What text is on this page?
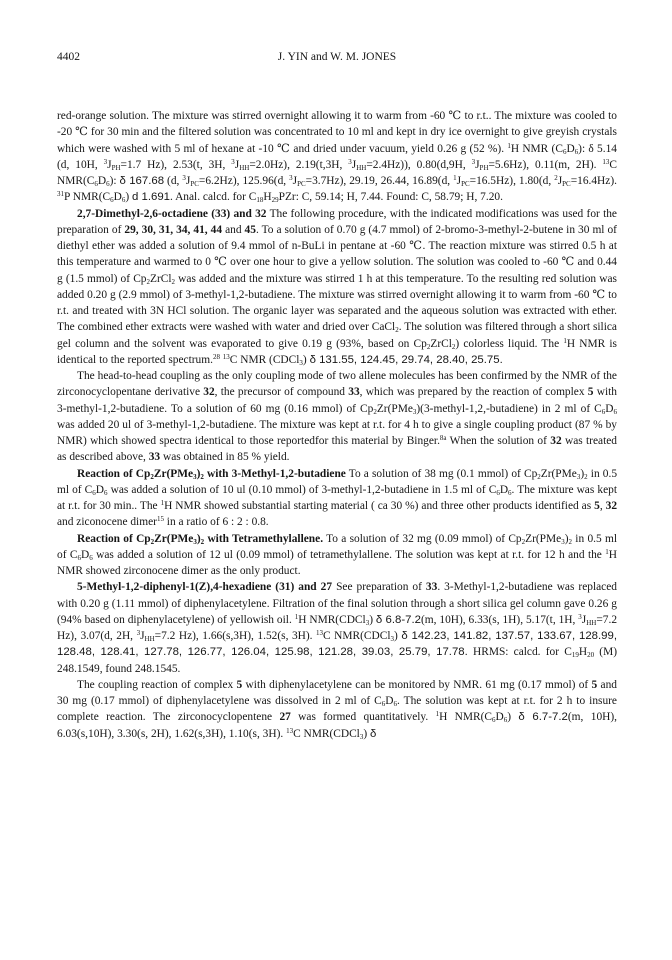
4402	J. YIN and W. M. JONES

red-orange solution. The mixture was stirred overnight allowing it to warm from -60 ℃ to r.t.. The mixture was cooled to -20 ℃ for 30 min and the filtered solution was concentrated to 10 ml and kept in dry ice overnight to give greyish crystals which were washed with 5 ml of hexane at -10 ℃ and dried under vacuum, yield 0.26 g (52 %). $^1$H NMR $(C_6D_6)$: δ 5.14 (d, 10H, $^3J_{PH}=1.7$ Hz), 2.53(t, 3H, $^3J_{HH}=2.0Hz$), 2.19(t,3H, $^3J_{HH}=2.4Hz$)), 0.80(d,9H, $^3J_{PH}=5.6Hz$), 0.11(m, 2H). $^{13}$C $NMR(C_6D_6)$: δ 167.68 (d, $^3J_{PC}=6.2Hz$), 125.96(d, $^3J_{PC}=3.7Hz$), 29.19, 26.44, 16.89(d, $^1J_{PC}=16.5Hz$), 1.80(d, $^2J_{PC}=16.4Hz$). $^{31}$P $NMR(C_6D_6)$ d 1.691. Anal. calcd. for $C_{18}H_{29}PZr$: C, 59.14; H, 7.44. Found: C, 58.79; H, 7.20.

2,7-Dimethyl-2,6-octadiene (33) and 32 The following procedure, with the indicated modifications was used for the preparation of 29, 30, 31, 34, 41, 44 and 45. To a solution of 0.70 g (4.7 mmol) of 2-bromo-3-methyl-2-butene in 30 ml of diethyl ether was added a solution of 9.4 mmol of n-BuLi in pentane at -60 ℃. The reaction mixture was stirred 0.5 h at this temperature and warmed to 0 ℃ over one hour to give a yellow solution. The solution was cooled to -60 ℃ and 0.44 g (1.5 mmol) of $Cp_2ZrCl_2$ was added and the mixture was stirred 1 h at this temperature. To the resulting red solution was added 0.20 g (2.9 mmol) of 3-methyl-1,2-butadiene. The mixture was stirred overnight allowing it to warm from -60 ℃ to r.t. and treated with 3N HCl solution. The organic layer was separated and the aqueous solution was extracted with ether. The combined ether extracts were washed with water and dried over CaCl$_2$. The solution was filtered through a short silica gel column and the solvent was evaporated to give 0.19 g (93%, based on $Cp_2ZrCl_2$) colorless liquid. The $^1$H NMR is identical to the reported spectrum.$^{28}$ $^{13}$C NMR (CDCl$_3$) δ 131.55, 124.45, 29.74, 28.40, 25.75.

The head-to-head coupling as the only coupling mode of two allene molecules has been confirmed by the NMR of the zirconocyclopentane derivative 32, the precursor of compound 33, which was prepared by the reaction of complex 5 with 3-methyl-1,2-butadiene. To a solution of 60 mg (0.16 mmol) of $Cp_2Zr(PMe_3)(3-methyl-1,2,-butadiene)$ in 2 ml of $C_6D_6$ was added 20 ul of 3-methyl-1,2-butadiene. The mixture was kept at r.t. for 4 h to give a single coupling product (87 % by NMR) which showed spectra identical to those reportedfor this material by Binger.$^{8a}$ When the solution of 32 was treated as described above, 33 was obtained in 85 % yield.

Reaction of $Cp_2Zr(PMe_3)_2$ with 3-Methyl-1,2-butadiene To a solution of 38 mg (0.1 mmol) of $Cp_2Zr(PMe_3)_2$ in 0.5 ml of $C_6D_6$ was added a solution of 10 ul (0.10 mmol) of 3-methyl-1,2-butadiene in 1.5 ml of $C_6D_6$. The mixture was kept at r.t. for 30 min.. The $^1$H NMR showed substantial starting material ( ca 30 %) and three other products identified as 5, 32 and ziconocene dimer$^{15}$ in a ratio of 6 : 2 : 0.8.

Reaction of $Cp_2Zr(PMe_3)_2$ with Tetramethylallene. To a solution of 32 mg (0.09 mmol) of $Cp_2Zr(PMe_3)_2$ in 0.5 ml of $C_6D_6$ was added a solution of 12 ul (0.09 mmol) of tetramethylallene. The solution was kept at r.t. for 12 h and the $^1$H NMR showed zirconocene dimer as the only product.

5-Methyl-1,2-diphenyl-1(Z),4-hexadiene (31) and 27 See preparation of 33. 3-Methyl-1,2-butadiene was replaced with 0.20 g (1.11 mmol) of diphenylacetylene. Filtration of the final solution through a short silica gel column gave 0.26 g (94% based on diphenylacetylene) of yellowish oil. $^1$H NMR(CDCl$_3$) δ 6.8-7.2(m, 10H), 6.33(s, 1H), 5.17(t, 1H, $^3J_{HH}=7.2$ Hz), 3.07(d, 2H, $^3J_{HH}=7.2$ Hz), 1.66(s,3H), 1.52(s, 3H). $^{13}$C NMR(CDCl$_3$) δ 142.23, 141.82, 137.57, 133.67, 128.99, 128.48, 128.41, 127.78, 126.77, 126.04, 125.98, 121.28, 39.03, 25.79, 17.78. HRMS: calcd. for $C_{19}H_{20}$ (M) 248.1549, found 248.1545.

The coupling reaction of complex 5 with diphenylacetylene can be monitored by NMR. 61 mg (0.17 mmol) of 5 and 30 mg (0.17 mmol) of diphenylacetylene was dissolved in 2 ml of $C_6D_6$. The solution was kept at r.t. for 2 h to insure complete reaction. The zirconocyclopentene 27 was formed quantitatively. $^1$H $NMR(C_6D_6)$ δ 6.7-7.2(m, 10H), 6.03(s,10H), 3.30(s, 2H), 1.62(s,3H), 1.10(s, 3H). $^{13}$C NMR(CDCl$_3$) δ
